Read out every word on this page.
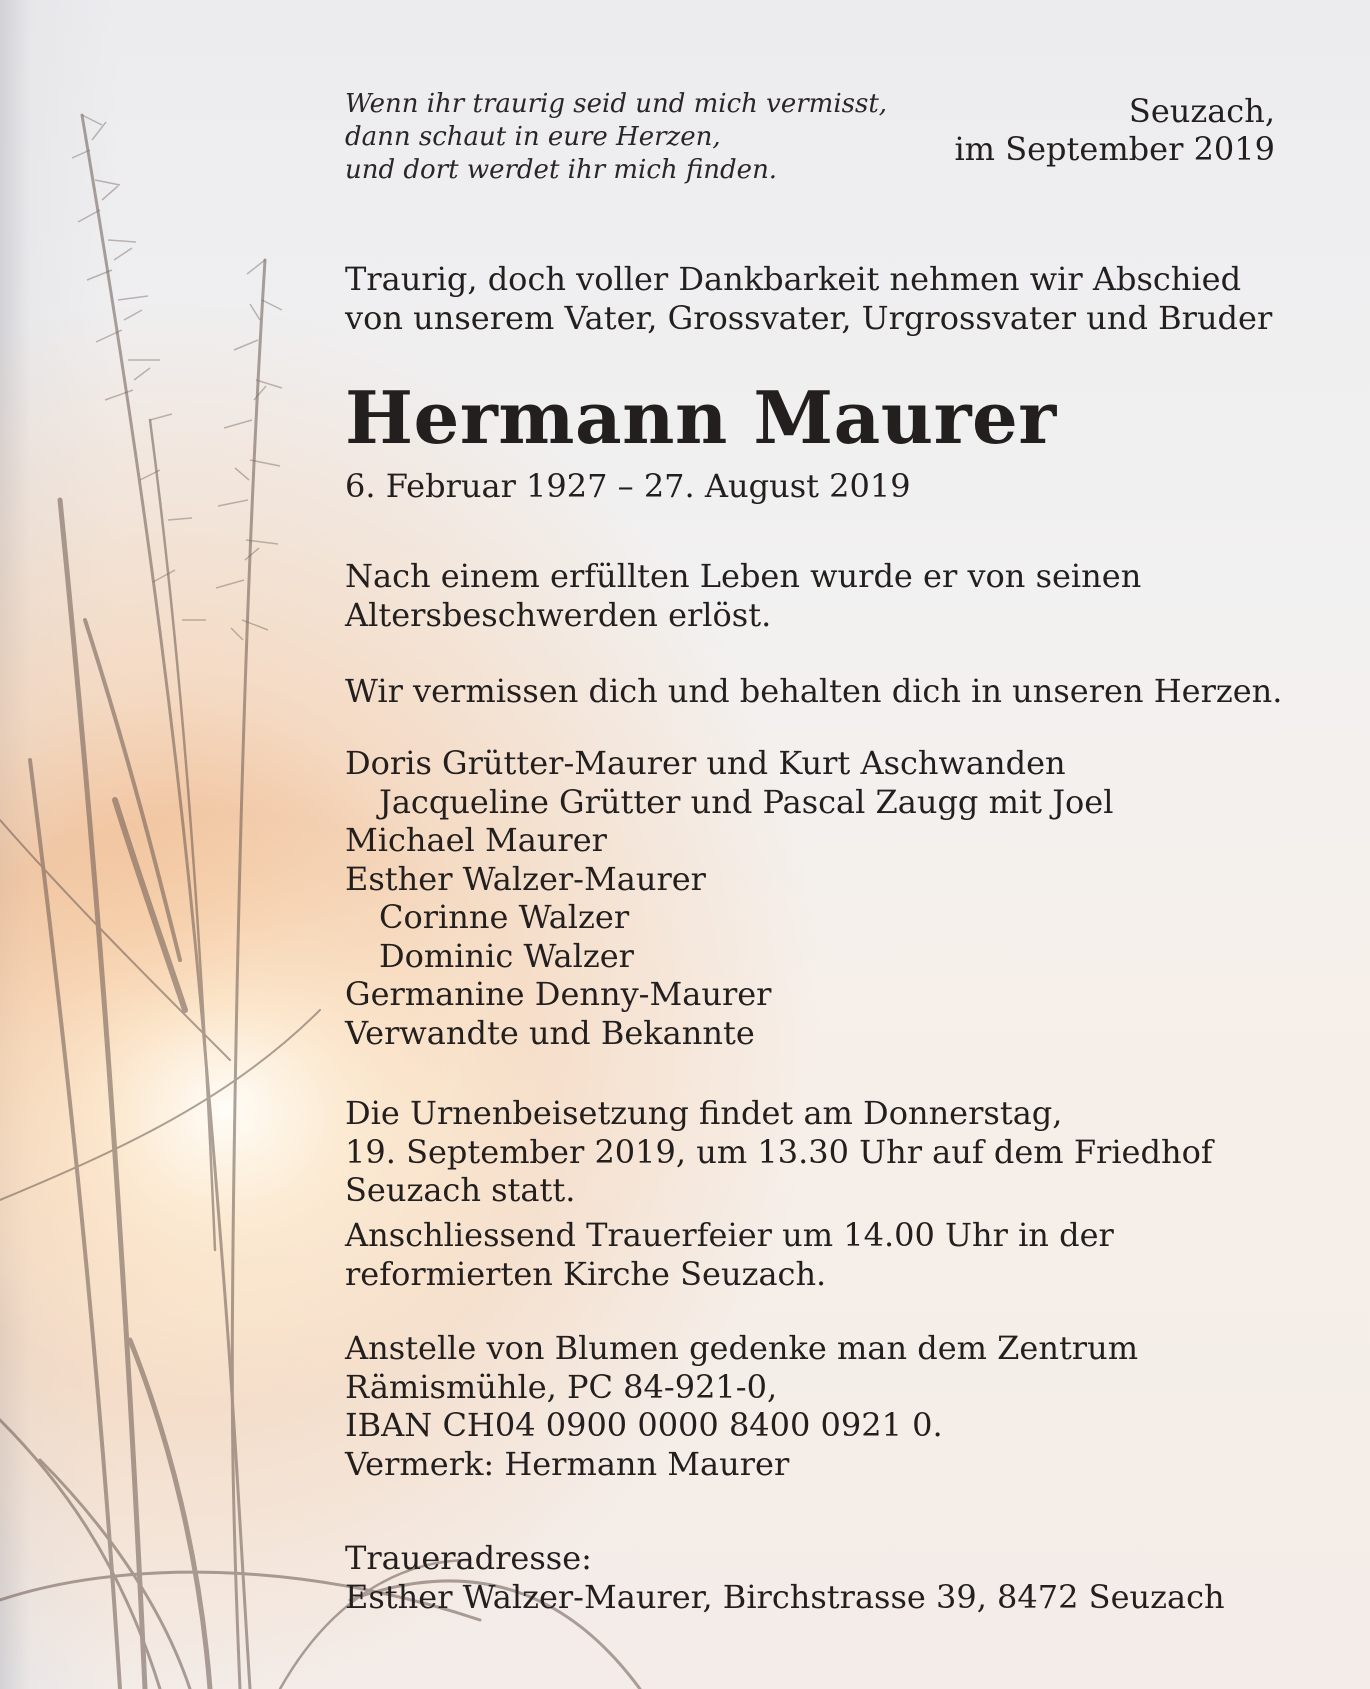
Wenn ihr traurig seid und mich vermisst,
dann schaut in eure Herzen,
und dort werdet ihr mich finden.
Seuzach,
im September 2019
Traurig, doch voller Dankbarkeit nehmen wir Abschied
von unserem Vater, Grossvater, Urgrossvater und Bruder
Hermann Maurer
6. Februar 1927 – 27. August 2019
Nach einem erfüllten Leben wurde er von seinen
Altersbeschwerden erlöst.
Wir vermissen dich und behalten dich in unseren Herzen.
Doris Grütter-Maurer und Kurt Aschwanden
Jacqueline Grütter und Pascal Zaugg mit Joel
Michael Maurer
Esther Walzer-Maurer
Corinne Walzer
Dominic Walzer
Germanine Denny-Maurer
Verwandte und Bekannte
Die Urnenbeisetzung findet am Donnerstag,
19. September 2019, um 13.30 Uhr auf dem Friedhof
Seuzach statt.
Anschliessend Trauerfeier um 14.00 Uhr in der
reformierten Kirche Seuzach.
Anstelle von Blumen gedenke man dem Zentrum
Rämismühle, PC 84-921-0,
IBAN CH04 0900 0000 8400 0921 0.
Vermerk: Hermann Maurer
Traueradresse:
Esther Walzer-Maurer, Birchstrasse 39, 8472 Seuzach
